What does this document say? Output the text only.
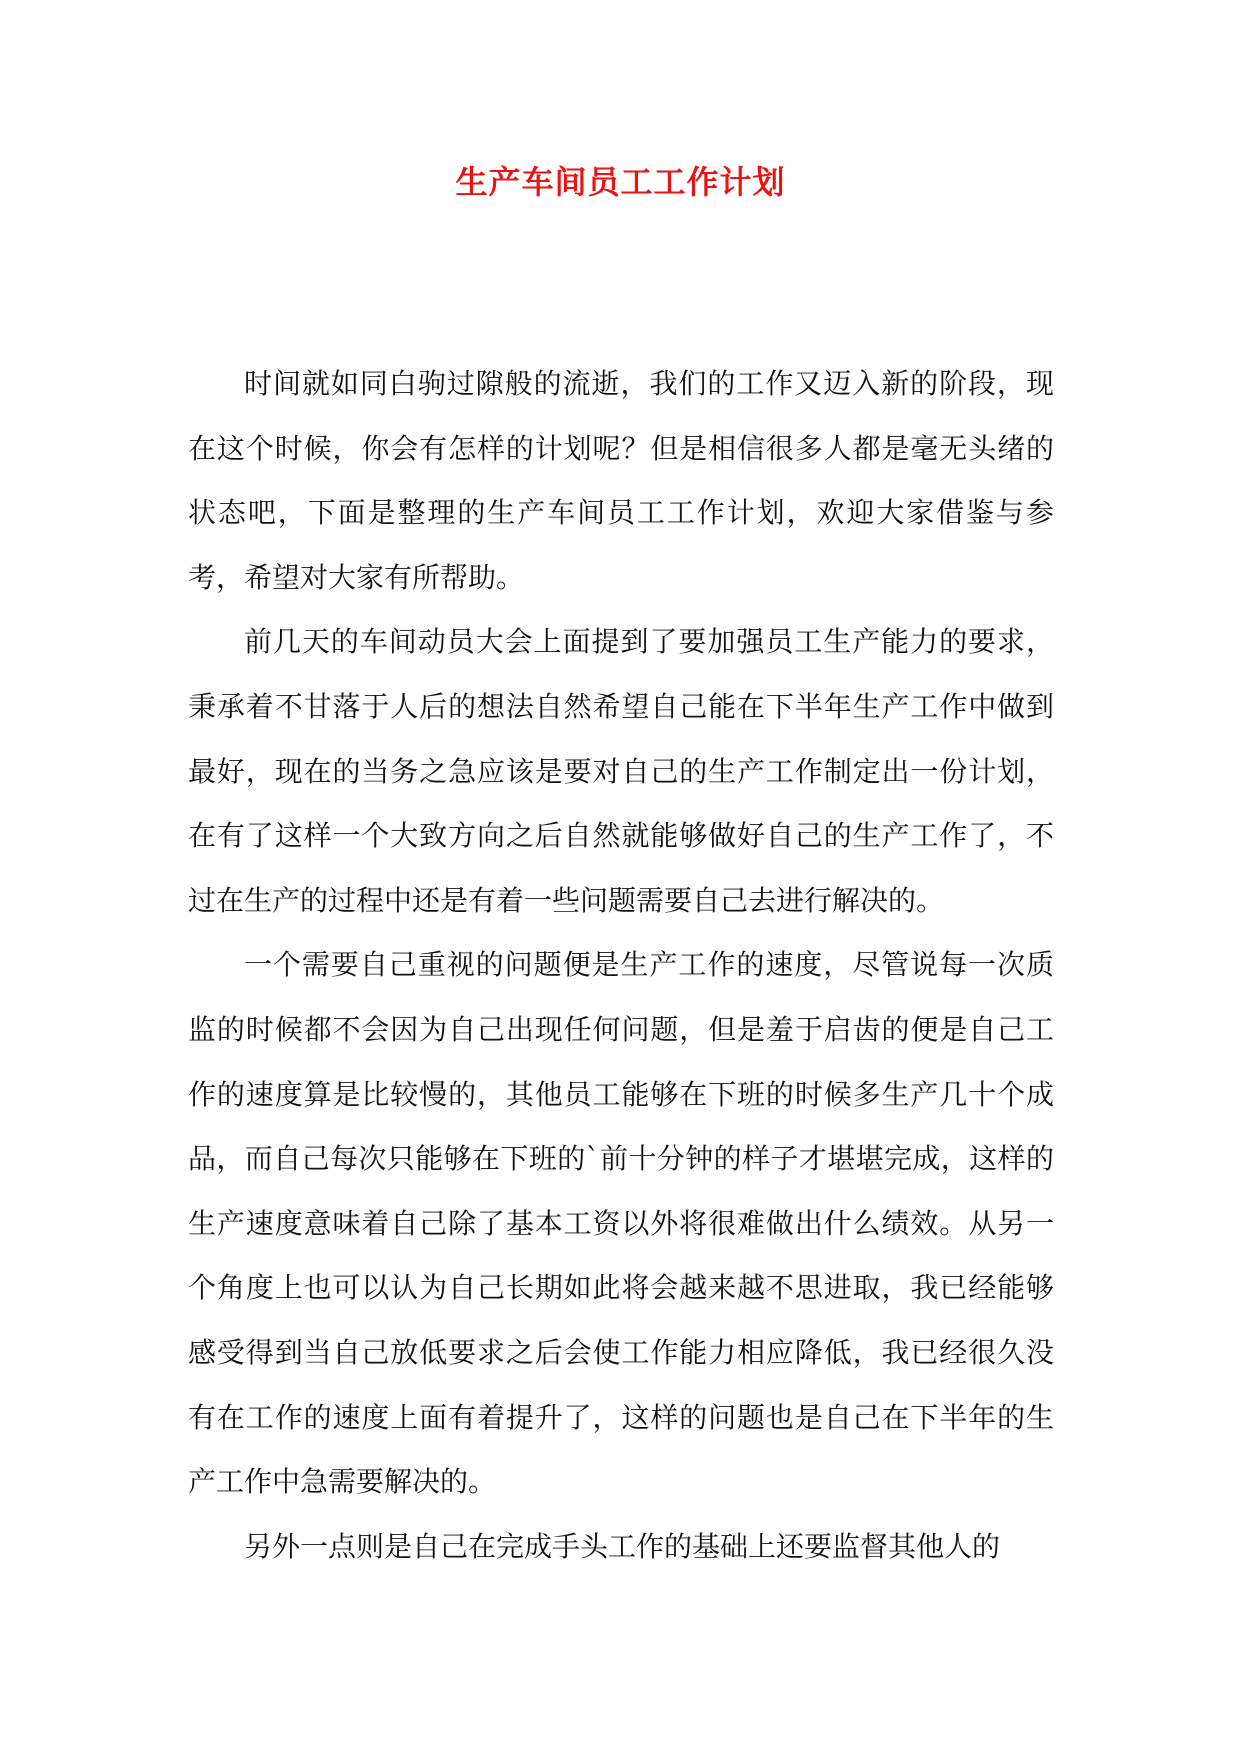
生产车间员工工作计划

时间就如同白驹过隙般的流逝，我们的工作又迈入新的阶段，现在这个时候，你会有怎样的计划呢？但是相信很多人都是毫无头绪的状态吧，下面是整理的生产车间员工工作计划，欢迎大家借鉴与参考，希望对大家有所帮助。

前几天的车间动员大会上面提到了要加强员工生产能力的要求，秉承着不甘落于人后的想法自然希望自己能在下半年生产工作中做到最好，现在的当务之急应该是要对自己的生产工作制定出一份计划，在有了这样一个大致方向之后自然就能够做好自己的生产工作了，不过在生产的过程中还是有着一些问题需要自己去进行解决的。

一个需要自己重视的问题便是生产工作的速度，尽管说每一次质监的时候都不会因为自己出现任何问题，但是羞于启齿的便是自己工作的速度算是比较慢的，其他员工能够在下班的时候多生产几十个成品，而自己每次只能够在下班的`前十分钟的样子才堪堪完成，这样的生产速度意味着自己除了基本工资以外将很难做出什么绩效。从另一个角度上也可以认为自己长期如此将会越来越不思进取，我已经能够感受得到当自己放低要求之后会使工作能力相应降低，我已经很久没有在工作的速度上面有着提升了，这样的问题也是自己在下半年的生产工作中急需要解决的。

另外一点则是自己在完成手头工作的基础上还要监督其他人的
